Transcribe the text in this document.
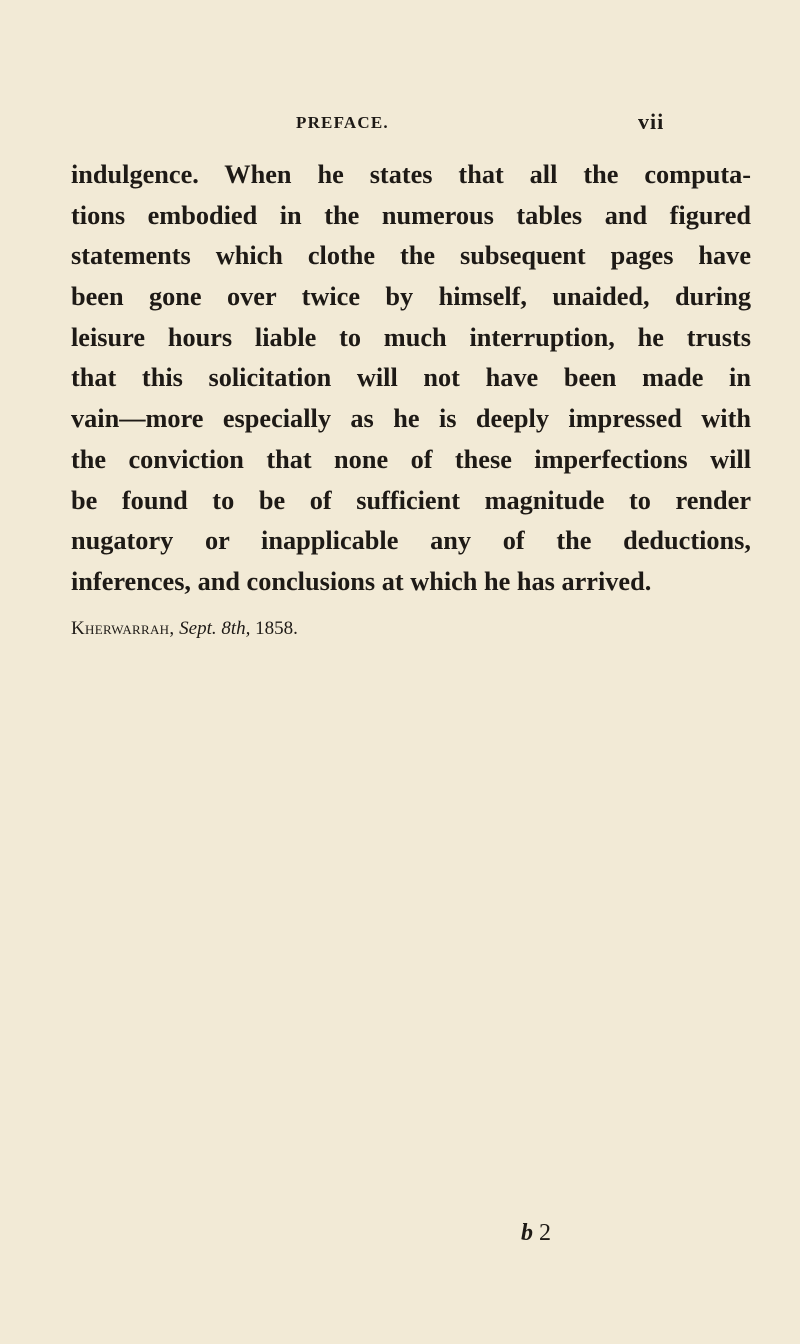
PREFACE.	vii
indulgence. When he states that all the computa-
tions embodied in the numerous tables and figured
statements which clothe the subsequent pages have
been gone over twice by himself, unaided, during
leisure hours liable to much interruption, he trusts
that this solicitation will not have been made in
vain—more especially as he is deeply impressed with
the conviction that none of these imperfections will
be found to be of sufficient magnitude to render
nugatory or inapplicable any of the deductions,
inferences, and conclusions at which he has arrived.
Kherwarrah, Sept. 8th, 1858.
b 2
